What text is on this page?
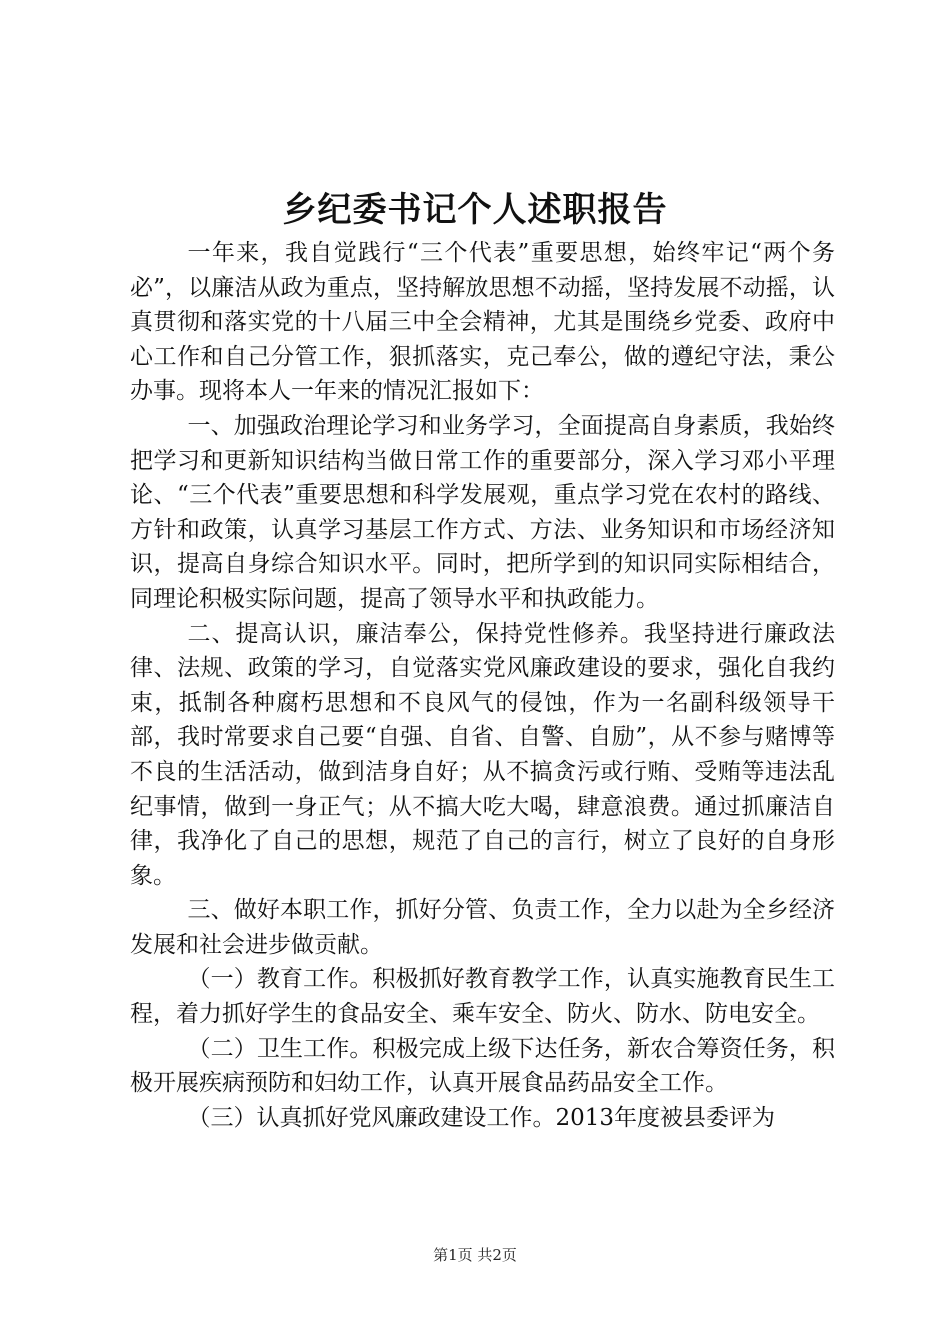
乡纪委书记个人述职报告

一年来，我自觉践行“三个代表”重要思想，始终牢记“两个务必”，以廉洁从政为重点，坚持解放思想不动摇，坚持发展不动摇，认真贯彻和落实党的十八届三中全会精神，尤其是围绕乡党委、政府中心工作和自己分管工作，狠抓落实，克己奉公，做的遵纪守法，秉公办事。现将本人一年来的情况汇报如下：

一、加强政治理论学习和业务学习，全面提高自身素质，我始终把学习和更新知识结构当做日常工作的重要部分，深入学习邓小平理论、“三个代表”重要思想和科学发展观，重点学习党在农村的路线、方针和政策，认真学习基层工作方式、方法、业务知识和市场经济知识，提高自身综合知识水平。同时，把所学到的知识同实际相结合，同理论积极实际问题，提高了领导水平和执政能力。

二、提高认识，廉洁奉公，保持党性修养。我坚持进行廉政法律、法规、政策的学习，自觉落实党风廉政建设的要求，强化自我约束，抵制各种腐朽思想和不良风气的侵蚀，作为一名副科级领导干部，我时常要求自己要“自强、自省、自警、自励”，从不参与赌博等不良的生活活动，做到洁身自好；从不搞贪污或行贿、受贿等违法乱纪事情，做到一身正气；从不搞大吃大喝，肆意浪费。通过抓廉洁自律，我净化了自己的思想，规范了自己的言行，树立了良好的自身形象。

三、做好本职工作，抓好分管、负责工作，全力以赴为全乡经济发展和社会进步做贡献。

（一）教育工作。积极抓好教育教学工作，认真实施教育民生工程，着力抓好学生的食品安全、乘车安全、防火、防水、防电安全。

（二）卫生工作。积极完成上级下达任务，新农合筹资任务，积极开展疾病预防和妇幼工作，认真开展食品药品安全工作。

（三）认真抓好党风廉政建设工作。2013年度被县委评为

第1页 共2页
